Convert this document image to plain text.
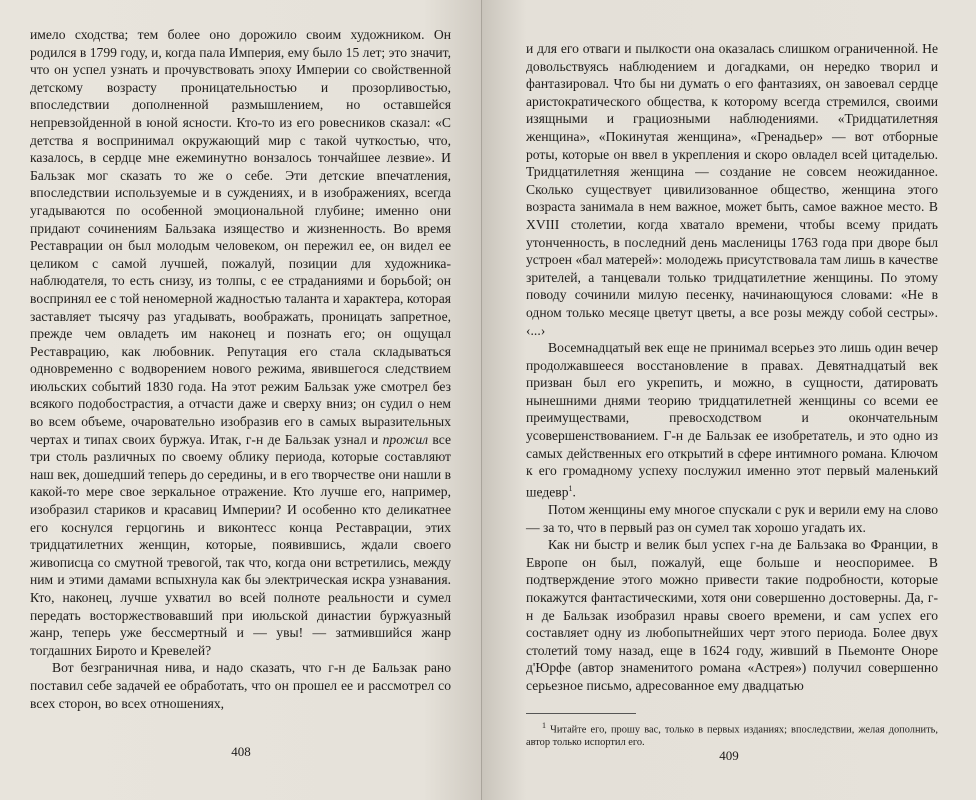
имело сходства; тем более оно дорожило своим художником. Он родился в 1799 году, и, когда пала Империя, ему было 15 лет; это значит, что он успел узнать и прочувствовать эпоху Империи со свойственной детскому возрасту проницательностью и прозорливостью, впоследствии дополненной размышлением, но оставшейся непревзойденной в юной ясности. Кто-то из его ровесников сказал: «С детства я воспринимал окружающий мир с такой чуткостью, что, казалось, в сердце мне ежеминутно вонзалось тончайшее лезвие». И Бальзак мог сказать то же о себе. Эти детские впечатления, впоследствии используемые и в суждениях, и в изображениях, всегда угадываются по особенной эмоциональной глубине; именно они придают сочинениям Бальзака изящество и жизненность. Во время Реставрации он был молодым человеком, он пережил ее, он видел ее целиком с самой лучшей, пожалуй, позиции для художника-наблюдателя, то есть снизу, из толпы, с ее страданиями и борьбой; он воспринял ее с той неномерной жадностью таланта и характера, которая заставляет тысячу раз угадывать, воображать, проницать запретное, прежде чем овладеть им наконец и познать его; он ощущал Реставрацию, как любовник. Репутация его стала складываться одновременно с водворением нового режима, явившегося следствием июльских событий 1830 года. На этот режим Бальзак уже смотрел без всякого подобострастия, а отчасти даже и сверху вниз; он судил о нем во всем объеме, очаровательно изобразив его в самых выразительных чертах и типах своих буржуа. Итак, г-н де Бальзак узнал и прожил все три столь различных по своему облику периода, которые составляют наш век, дошедший теперь до середины, и в его творчестве они нашли в какой-то мере свое зеркальное отражение. Кто лучше его, например, изобразил стариков и красавиц Империи? И особенно кто деликатнее его коснулся герцогинь и виконтесс конца Реставрации, этих тридцатилетних женщин, которые, появившись, ждали своего живописца со смутной тревогой, так что, когда они встретились, между ним и этими дамами вспыхнула как бы электрическая искра узнавания. Кто, наконец, лучше ухватил во всей полноте реальности и сумел передать восторжествовавший при июльской династии буржуазный жанр, теперь уже бессмертный и — увы! — затмившийся жанр тогдашних Бирото и Кревелей?

Вот безграничная нива, и надо сказать, что г-н де Бальзак рано поставил себе задачей ее обработать, что он прошел ее и рассмотрел со всех сторон, во всех отношениях,

408

и для его отваги и пылкости она оказалась слишком ограниченной. Не довольствуясь наблюдением и догадками, он нередко творил и фантазировал. Что бы ни думать о его фантазиях, он завоевал сердце аристократического общества, к которому всегда стремился, своими изящными и грациозными наблюдениями. «Тридцатилетняя женщина», «Покинутая женщина», «Гренадьер» — вот отборные роты, которые он ввел в укрепления и скоро овладел всей цитаделью. Тридцатилетняя женщина — создание не совсем неожиданное. Сколько существует цивилизованное общество, женщина этого возраста занимала в нем важное, может быть, самое важное место. В XVIII столетии, когда хватало времени, чтобы всему придать утонченность, в последний день масленицы 1763 года при дворе был устроен «бал матерей»: молодежь присутствовала там лишь в качестве зрителей, а танцевали только тридцатилетние женщины. По этому поводу сочинили милую песенку, начинающуюся словами: «Не в одном только месяце цветут цветы, а все розы между собой сестры». ‹...›

Восемнадцатый век еще не принимал всерьез это лишь один вечер продолжавшееся восстановление в правах. Девятнадцатый век призван был его укрепить, и можно, в сущности, датировать нынешними днями теорию тридцатилетней женщины со всеми ее преимуществами, превосходством и окончательным усовершенствованием. Г-н де Бальзак ее изобретатель, и это одно из самых действенных его открытий в сфере интимного романа. Ключом к его громадному успеху послужил именно этот первый маленький шедевр$^1$.

Потом женщины ему многое спускали с рук и верили ему на слово — за то, что в первый раз он сумел так хорошо угадать их.

Как ни быстр и велик был успех г-на де Бальзака во Франции, в Европе он был, пожалуй, еще больше и неоспоримее. В подтверждение этого можно привести такие подробности, которые покажутся фантастическими, хотя они совершенно достоверны. Да, г-н де Бальзак изобразил нравы своего времени, и сам успех его составляет одну из любопытнейших черт этого периода. Более двух столетий тому назад, еще в 1624 году, живший в Пьемонте Оноре д'Юрфе (автор знаменитого романа «Астрея») получил совершенно серьезное письмо, адресованное ему двадцатью

$^1$ Читайте его, прошу вас, только в первых изданиях; впоследствии, желая дополнить, автор только испортил его.

409
